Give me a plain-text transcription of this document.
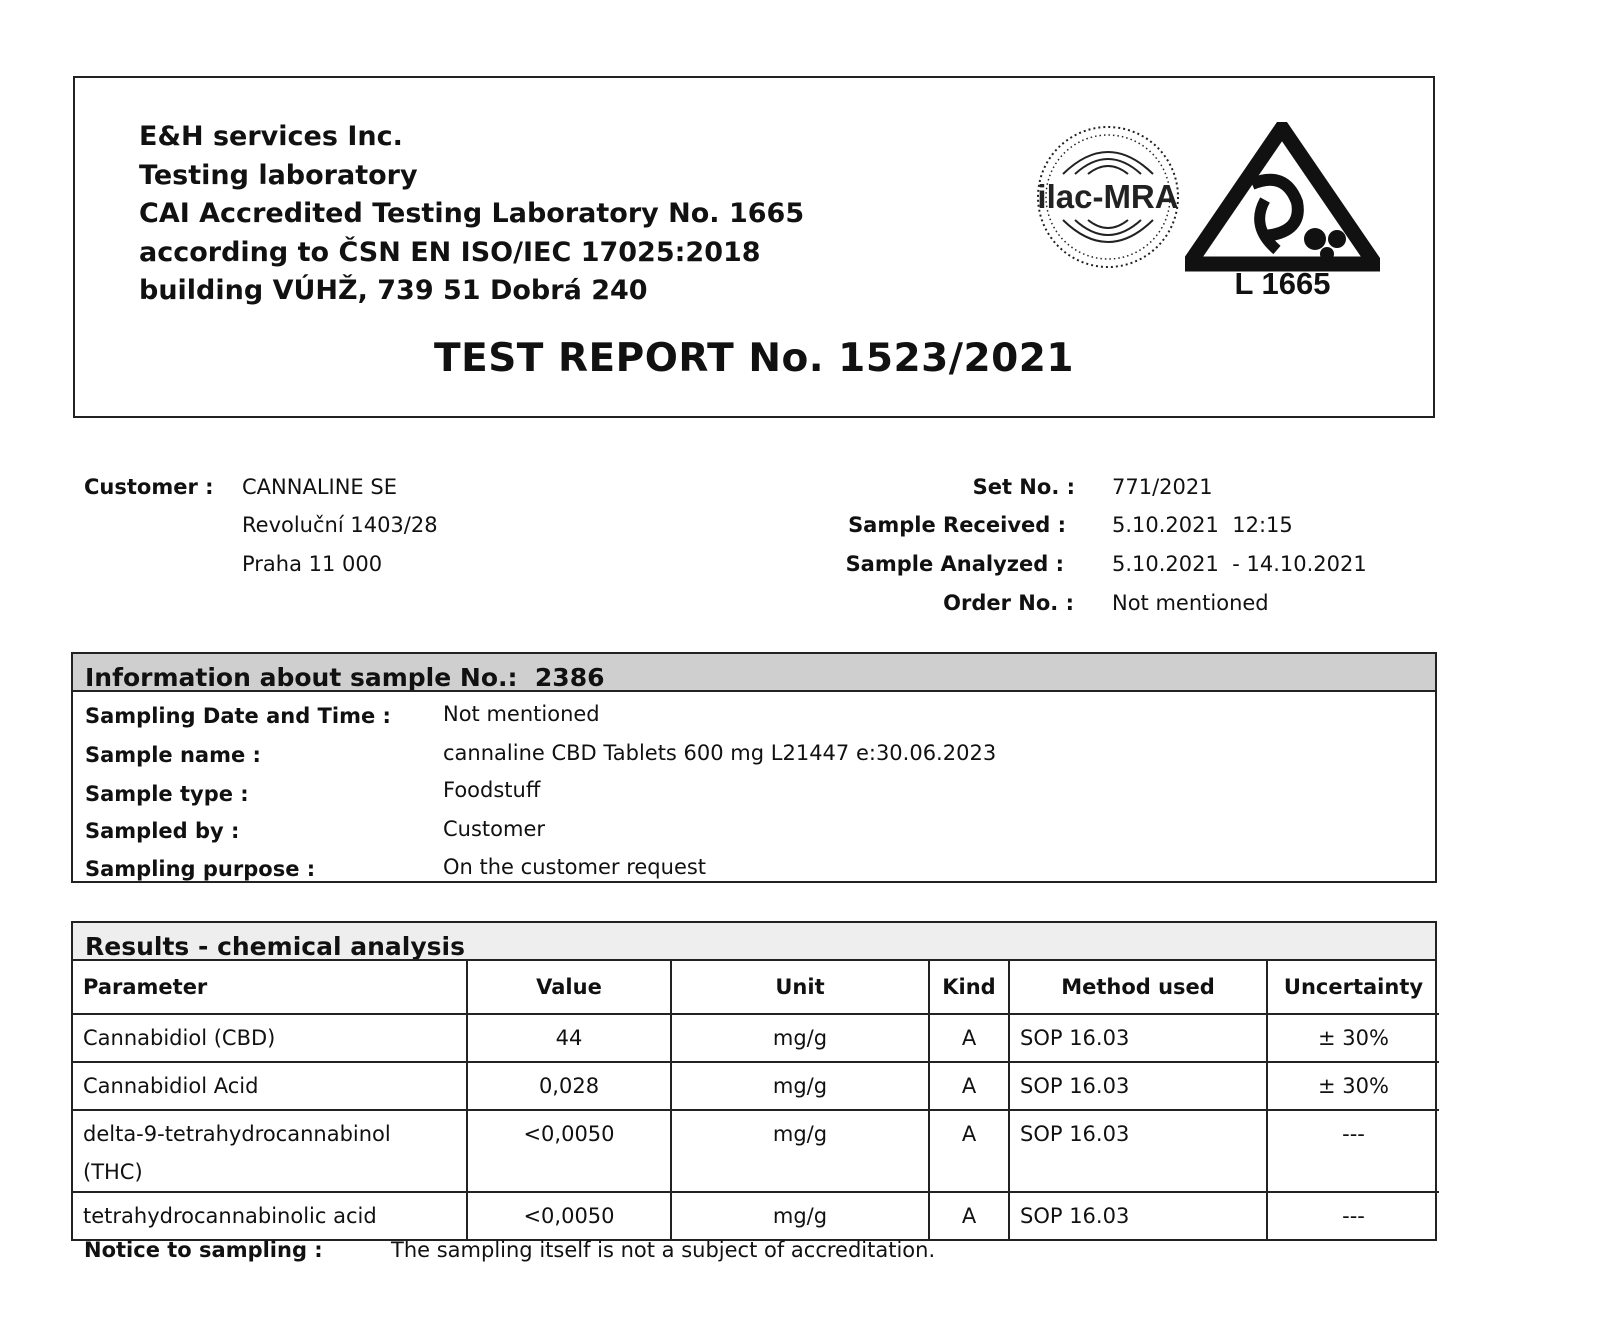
E&H services Inc.
Testing laboratory
CAI Accredited Testing Laboratory No. 1665
according to ČSN EN ISO/IEC 17025:2018
building VÚHŽ, 739 51 Dobrá 240
ilac-MRA
L 1665
TEST REPORT No. 1523/2021
Customer : CANNALINE SE
Revoluční 1403/28
Praha 11 000
Set No. : 771/2021
Sample Received : 5.10.2021  12:15
Sample Analyzed : 5.10.2021  - 14.10.2021
Order No. : Not mentioned
Information about sample No.:  2386
Sampling Date and Time : Not mentioned
Sample name :	cannaline CBD Tablets 600 mg L21447 e:30.06.2023
Sample type :	Foodstuff
Sampled by :	Customer
Sampling purpose :	On the customer request
Results - chemical analysis
Parameter	Value	Unit	Kind	Method used	Uncertainty
Cannabidiol (CBD)	44	mg/g	A	SOP 16.03	± 30%
Cannabidiol Acid	0,028	mg/g	A	SOP 16.03	± 30%
delta-9-tetrahydrocannabinol (THC)	<0,0050	mg/g	A	SOP 16.03	---
tetrahydrocannabinolic acid	<0,0050	mg/g	A	SOP 16.03	---
Notice to sampling :	The sampling itself is not a subject of accreditation.
